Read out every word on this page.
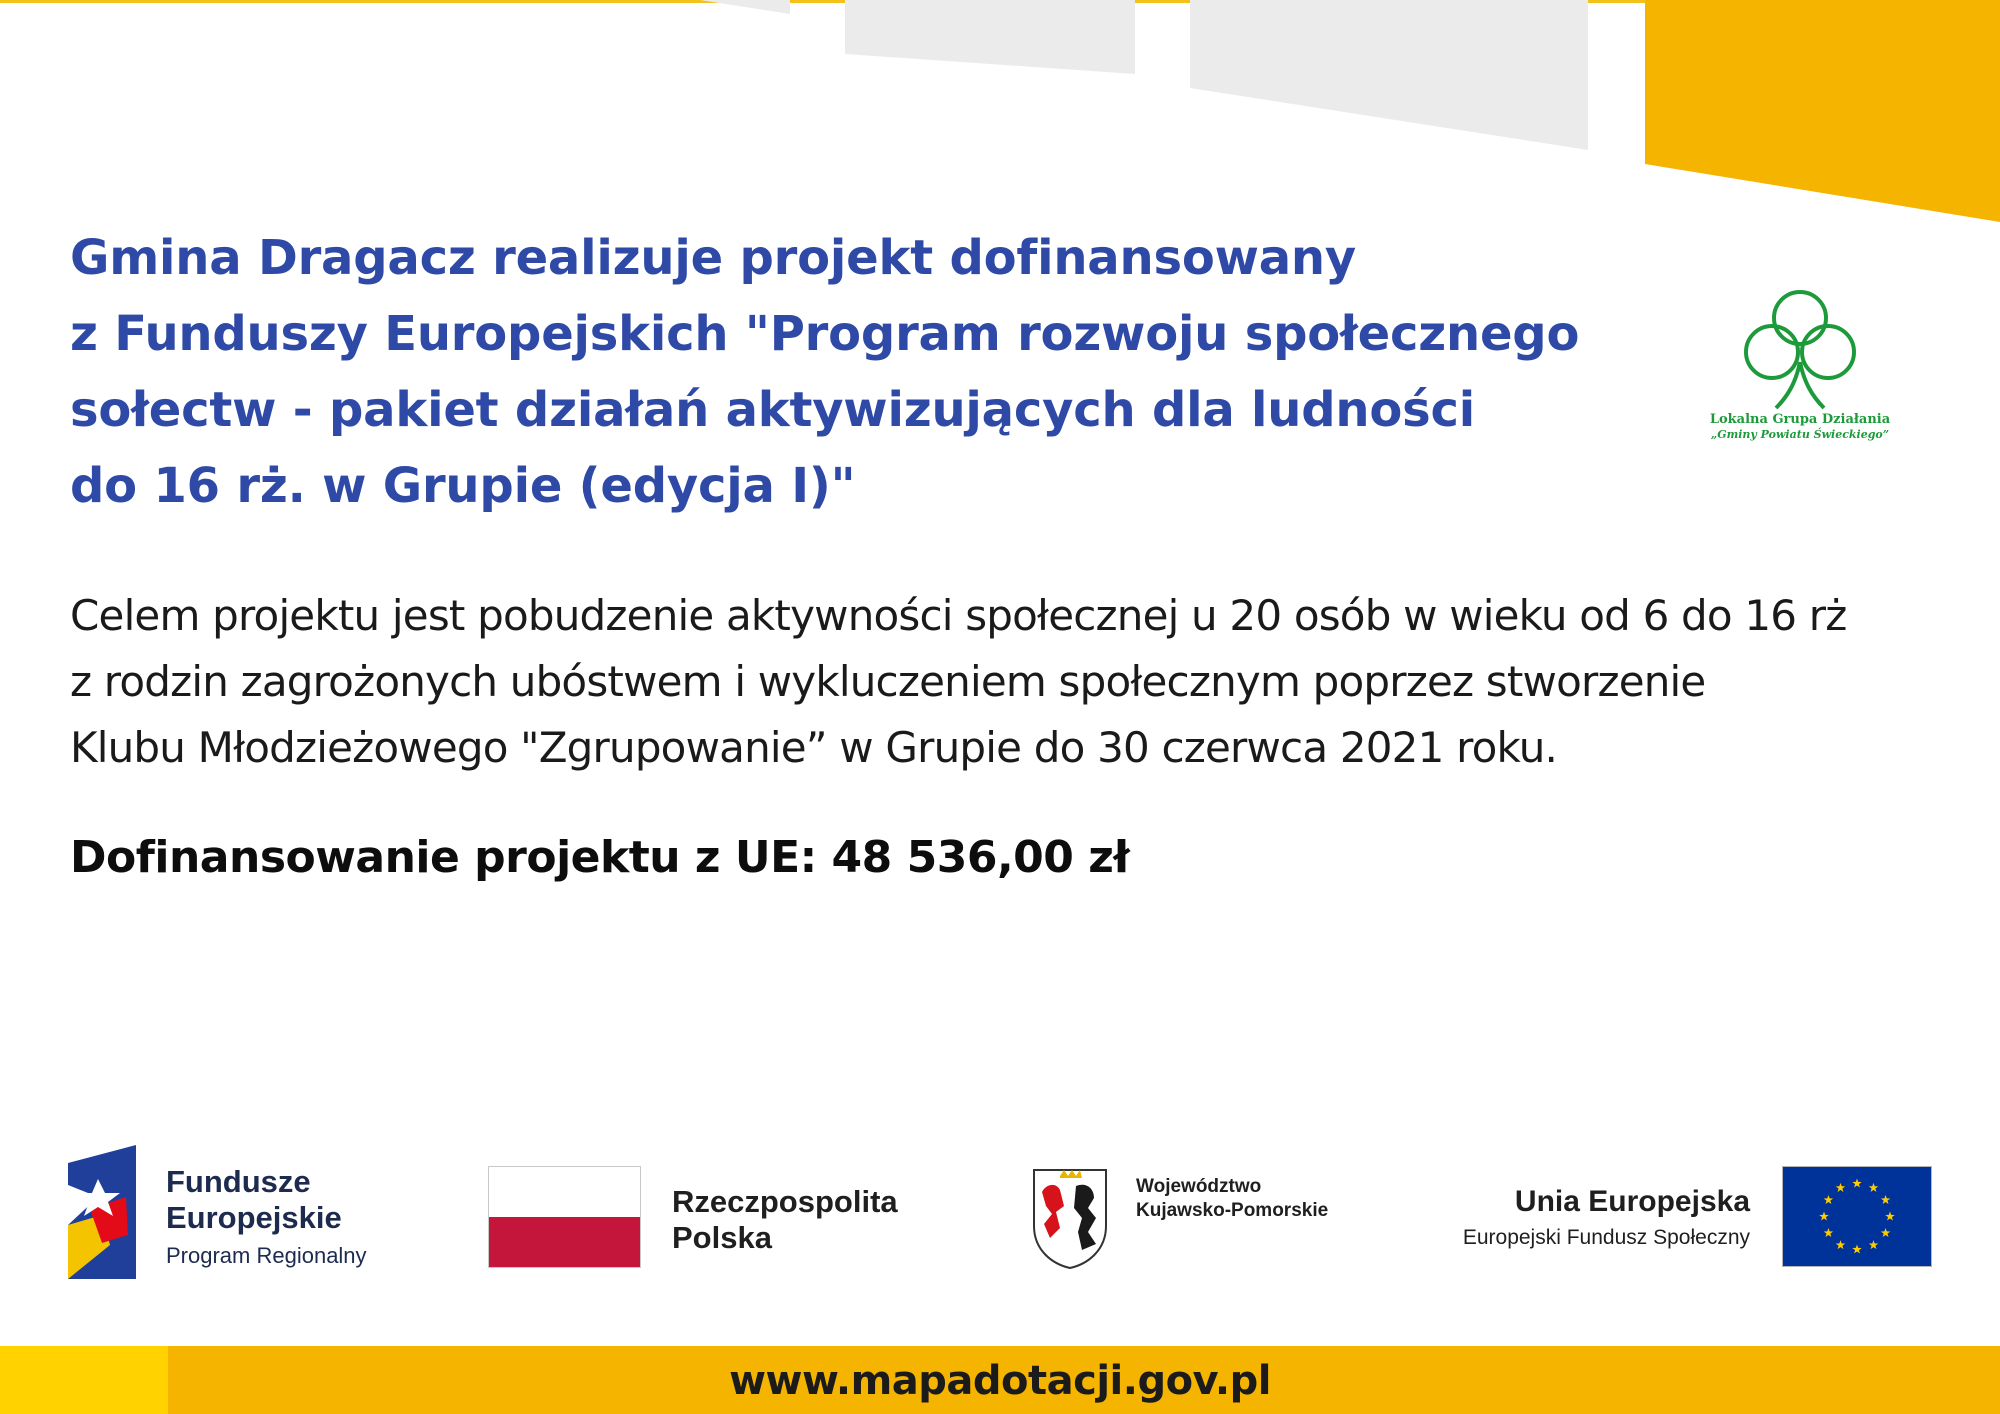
Gmina Dragacz realizuje projekt dofinansowany

z Funduszy Europejskich "Program rozwoju społecznego

sołectw - pakiet działań aktywizujących dla ludności

do 16 rż. w Grupie (edycja I)"

Lokalna Grupa Działania
„Gminy Powiatu Świeckiego”

Celem projektu jest pobudzenie aktywności społecznej u 20 osób w wieku od 6 do 16 rż

z rodzin zagrożonych ubóstwem i wykluczeniem społecznym poprzez stworzenie

Klubu Młodzieżowego "Zgrupowanie” w Grupie do 30 czerwca 2021 roku.

Dofinansowanie projektu z UE: 48 536,00 zł

Fundusze
Europejskie
Program Regionalny
Rzeczpospolita
Polska
Województwo
Kujawsko-Pomorskie	Unia Europejska
Europejski Fundusz Społeczny
www.mapadotacji.gov.pl
